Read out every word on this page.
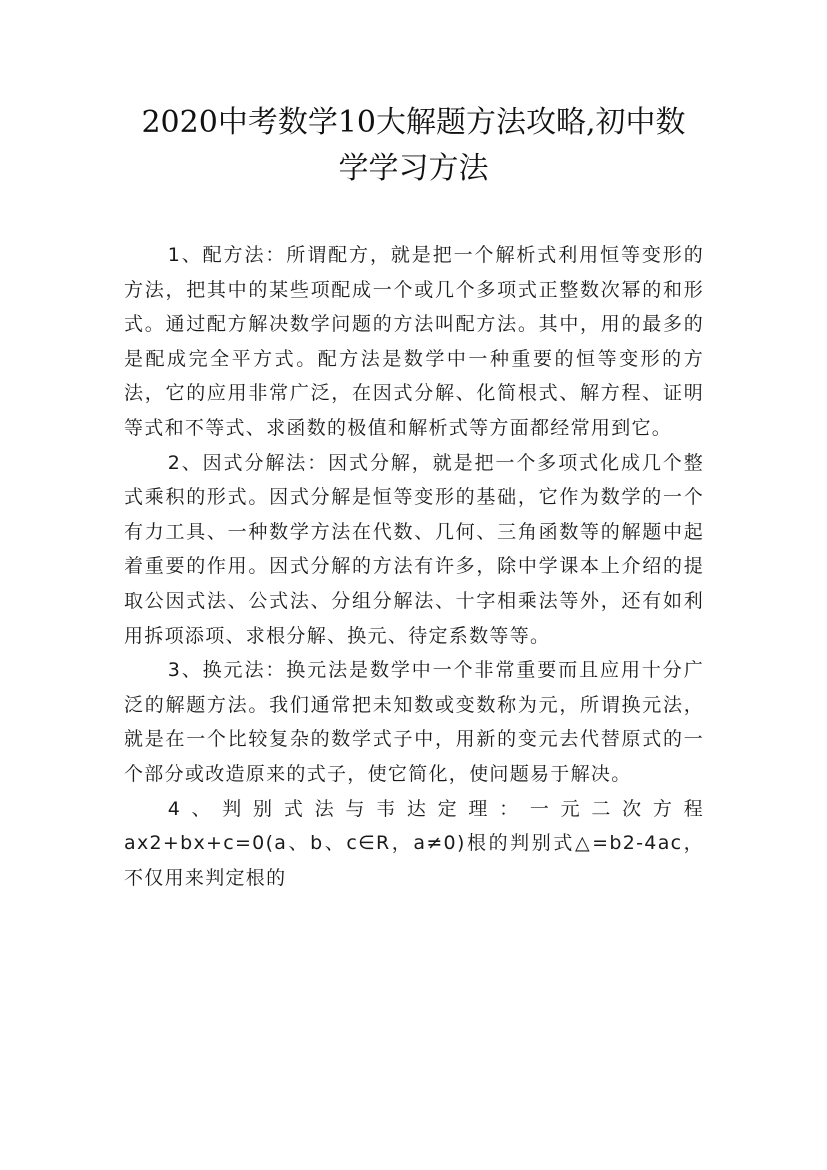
2020中考数学10大解题方法攻略,初中数
学学习方法

1、配方法：所谓配方，就是把一个解析式利用恒等变形的方法，把其中的某些项配成一个或几个多项式正整数次幂的和形式。通过配方解决数学问题的方法叫配方法。其中，用的最多的是配成完全平方式。配方法是数学中一种重要的恒等变形的方法，它的应用非常广泛，在因式分解、化简根式、解方程、证明等式和不等式、求函数的极值和解析式等方面都经常用到它。

2、因式分解法：因式分解，就是把一个多项式化成几个整式乘积的形式。因式分解是恒等变形的基础，它作为数学的一个有力工具、一种数学方法在代数、几何、三角函数等的解题中起着重要的作用。因式分解的方法有许多，除中学课本上介绍的提取公因式法、公式法、分组分解法、十字相乘法等外，还有如利用拆项添项、求根分解、换元、待定系数等等。

3、换元法：换元法是数学中一个非常重要而且应用十分广泛的解题方法。我们通常把未知数或变数称为元，所谓换元法，就是在一个比较复杂的数学式子中，用新的变元去代替原式的一个部分或改造原来的式子，使它简化，使问题易于解决。

4、判别式法与韦达定理：一元二次方程ax2+bx+c=0(a、b、c∈R，a≠0)根的判别式△=b2-4ac，不仅用来判定根的
